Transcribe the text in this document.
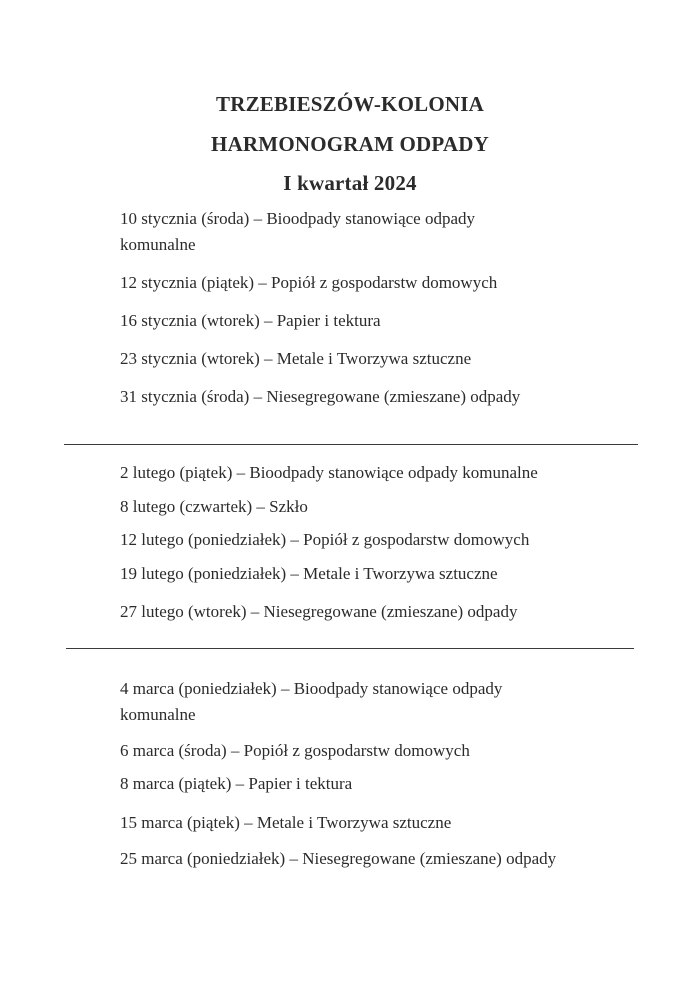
TRZEBIESZÓW-KOLONIA
HARMONOGRAM ODPADY
I kwartał 2024
10 stycznia (środa) – Bioodpady stanowiące odpady komunalne
12 stycznia (piątek) – Popiół z gospodarstw domowych
16 stycznia (wtorek) – Papier i tektura
23 stycznia (wtorek) – Metale i Tworzywa sztuczne
31 stycznia (środa) – Niesegregowane (zmieszane) odpady
2 lutego (piątek) – Bioodpady stanowiące odpady komunalne
8 lutego (czwartek) – Szkło
12 lutego (poniedziałek) – Popiół z gospodarstw domowych
19 lutego (poniedziałek) – Metale i Tworzywa sztuczne
27 lutego (wtorek) – Niesegregowane (zmieszane) odpady
4 marca (poniedziałek) – Bioodpady stanowiące odpady komunalne
6 marca (środa) – Popiół z gospodarstw domowych
8 marca (piątek) – Papier i tektura
15 marca (piątek) – Metale i Tworzywa sztuczne
25 marca (poniedziałek) – Niesegregowane (zmieszane) odpady
